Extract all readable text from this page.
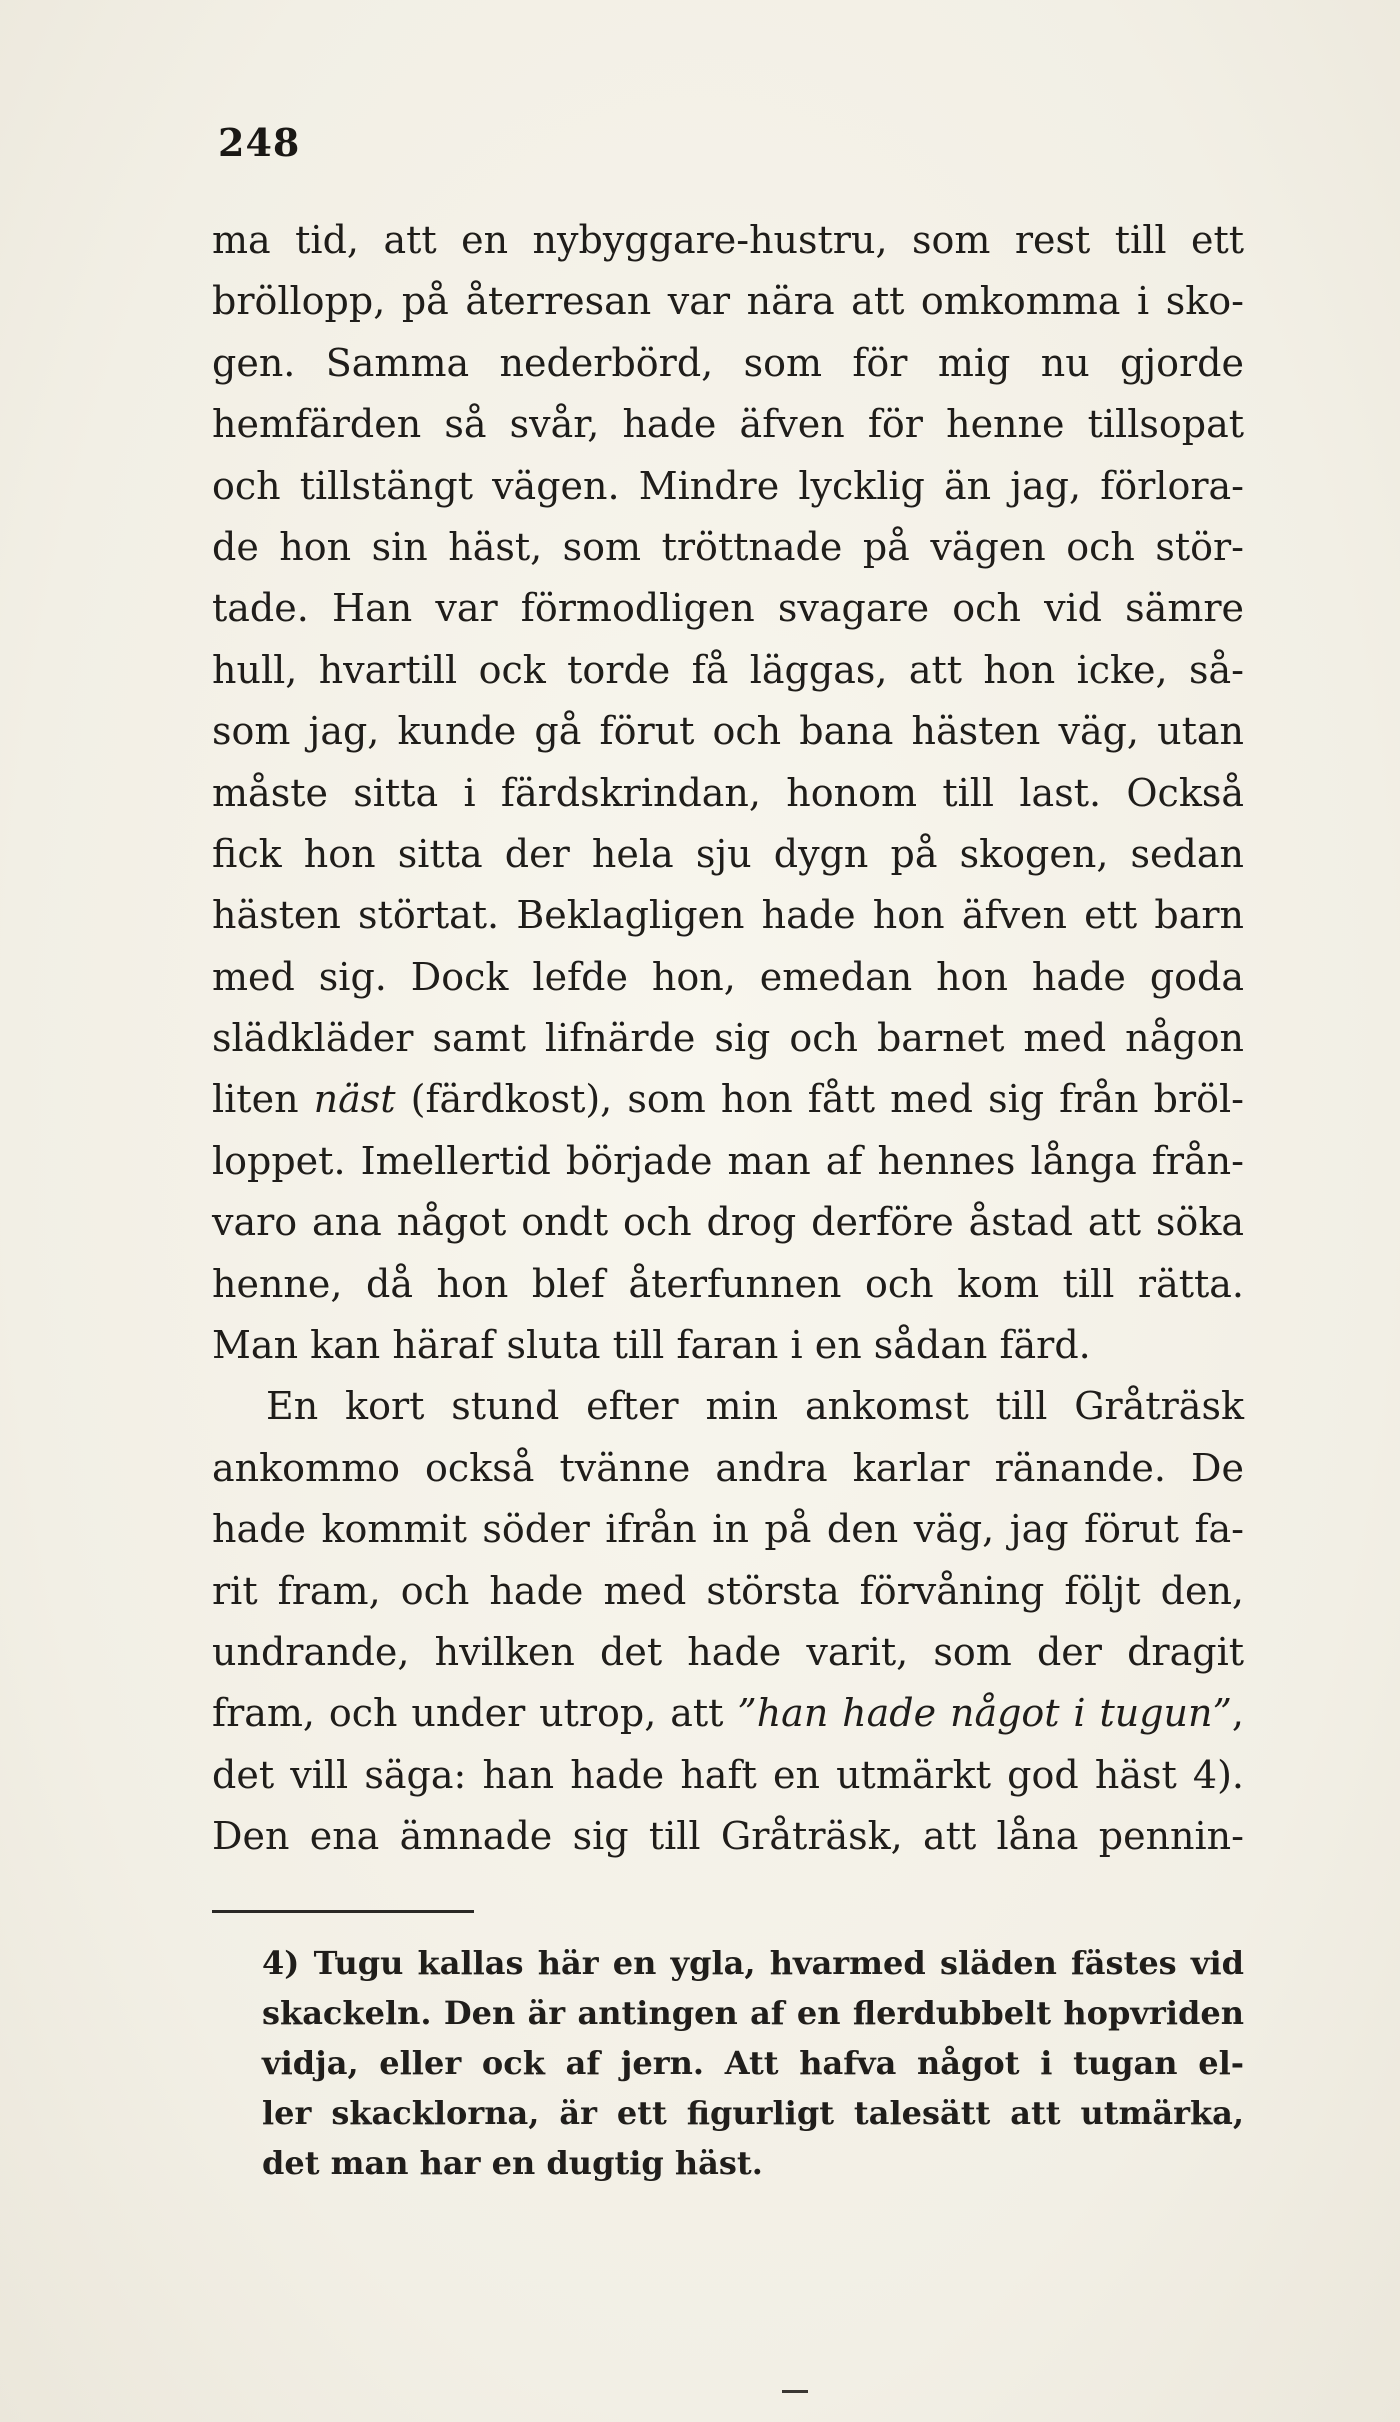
248
ma tid, att en nybyggare-hustru, som rest till ett
bröllopp, på återresan var nära att omkomma i sko-
gen. Samma nederbörd, som för mig nu gjorde
hemfärden så svår, hade äfven för henne tillsopat
och tillstängt vägen. Mindre lycklig än jag, förlora-
de hon sin häst, som tröttnade på vägen och stör-
tade. Han var förmodligen svagare och vid sämre
hull, hvartill ock torde få läggas, att hon icke, så-
som jag, kunde gå förut och bana hästen väg, utan
måste sitta i färdskrindan, honom till last. Också
fick hon sitta der hela sju dygn på skogen, sedan
hästen störtat. Beklagligen hade hon äfven ett barn
med sig. Dock lefde hon, emedan hon hade goda
slädkläder samt lifnärde sig och barnet med någon
liten näst (färdkost), som hon fått med sig från bröl-
loppet. Imellertid började man af hennes långa från-
varo ana något ondt och drog derföre åstad att söka
henne, då hon blef återfunnen och kom till rätta.
Man kan häraf sluta till faran i en sådan färd.
En kort stund efter min ankomst till Gråträsk
ankommo också tvänne andra karlar ränande. De
hade kommit söder ifrån in på den väg, jag förut fa-
rit fram, och hade med största förvåning följt den,
undrande, hvilken det hade varit, som der dragit
fram, och under utrop, att ”han hade något i tugun”,
det vill säga: han hade haft en utmärkt god häst 4).
Den ena ämnade sig till Gråträsk, att låna pennin-
4) Tugu kallas här en ygla, hvarmed släden fästes vid
skackeln. Den är antingen af en flerdubbelt hopvriden
vidja, eller ock af jern. Att hafva något i tugan el-
ler skacklorna, är ett figurligt talesätt att utmärka,
det man har en dugtig häst.
